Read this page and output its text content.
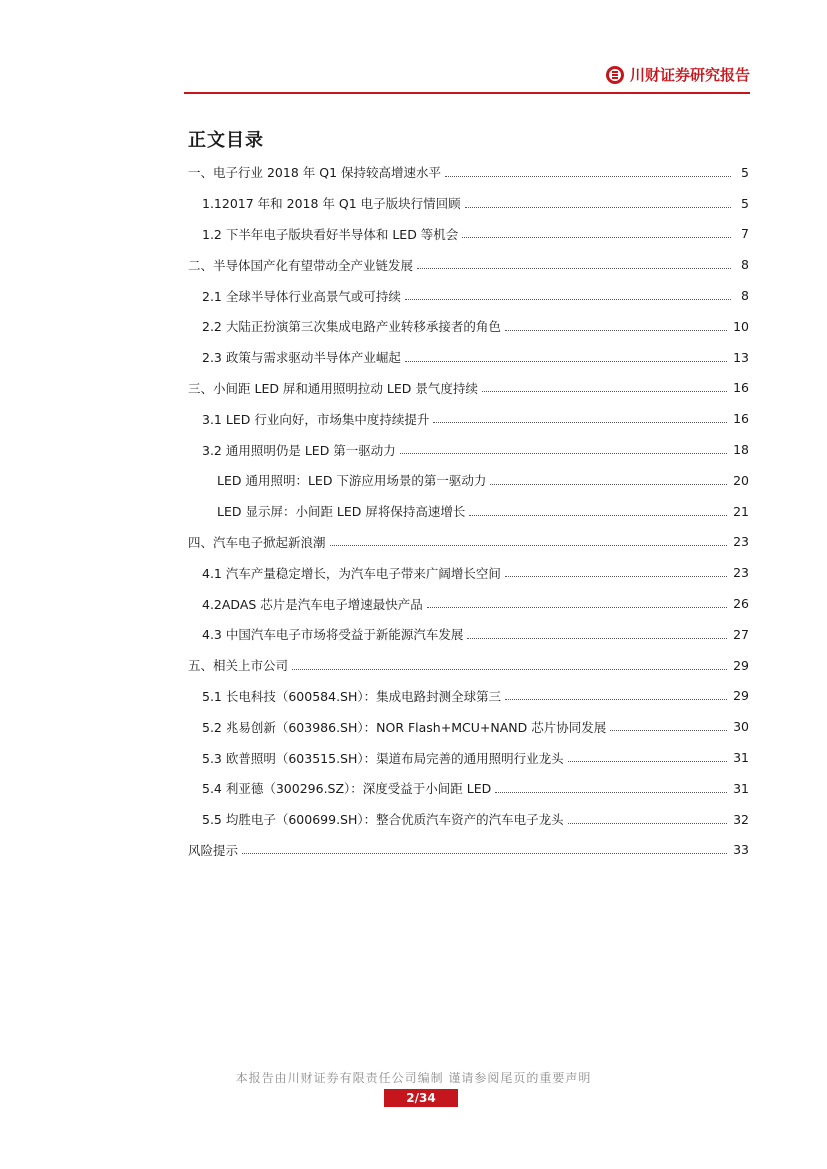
川财证券研究报告
正文目录
一、电子行业 2018 年 Q1 保持较高增速水平	5
1.12017 年和 2018 年 Q1 电子版块行情回顾	5
1.2 下半年电子版块看好半导体和 LED 等机会	7
二、半导体国产化有望带动全产业链发展	8
2.1 全球半导体行业高景气或可持续	8
2.2 大陆正扮演第三次集成电路产业转移承接者的角色	10
2.3 政策与需求驱动半导体产业崛起	13
三、小间距 LED 屏和通用照明拉动 LED 景气度持续	16
3.1 LED 行业向好，市场集中度持续提升	16
3.2 通用照明仍是 LED 第一驱动力	18
LED 通用照明：LED 下游应用场景的第一驱动力	20
LED 显示屏：小间距 LED 屏将保持高速增长	21
四、汽车电子掀起新浪潮	23
4.1 汽车产量稳定增长，为汽车电子带来广阔增长空间	23
4.2ADAS 芯片是汽车电子增速最快产品	26
4.3 中国汽车电子市场将受益于新能源汽车发展	27
五、相关上市公司	29
5.1 长电科技（600584.SH）：集成电路封测全球第三	29
5.2 兆易创新（603986.SH）：NOR Flash+MCU+NAND 芯片协同发展	30
5.3 欧普照明（603515.SH）：渠道布局完善的通用照明行业龙头	31
5.4 利亚德（300296.SZ）：深度受益于小间距 LED	31
5.5 均胜电子（600699.SH）：整合优质汽车资产的汽车电子龙头	32
风险提示	33
本报告由川财证券有限责任公司编制 谨请参阅尾页的重要声明
2/34
